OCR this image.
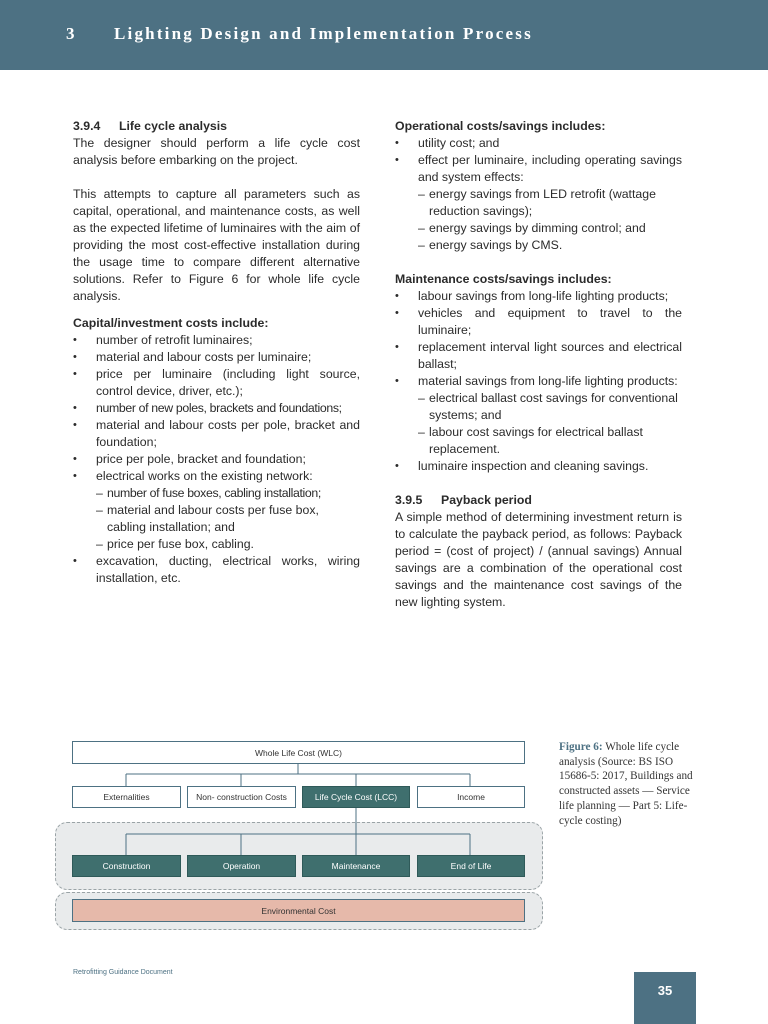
3 Lighting Design and Implementation Process
3.9.4 Life cycle analysis

The designer should perform a life cycle cost analysis before embarking on the project.

This attempts to capture all parameters such as capital, operational, and maintenance costs, as well as the expected lifetime of luminaires with the aim of providing the most cost-effective installation during the usage time to compare different alternative solutions. Refer to Figure 6 for whole life cycle analysis.

Capital/investment costs include:
• number of retrofit luminaires;
• material and labour costs per luminaire;
• price per luminaire (including light source, control device, driver, etc.);
• number of new poles, brackets and foundations;
• material and labour costs per pole, bracket and foundation;
• price per pole, bracket and foundation;
• electrical works on the existing network:
– number of fuse boxes, cabling installation;
– material and labour costs per fuse box, cabling installation; and
– price per fuse box, cabling.
• excavation, ducting, electrical works, wiring installation, etc.
Operational costs/savings includes:
• utility cost; and
• effect per luminaire, including operating savings and system effects:
– energy savings from LED retrofit (wattage reduction savings);
– energy savings by dimming control; and
– energy savings by CMS.
Maintenance costs/savings includes:
• labour savings from long-life lighting products;
• vehicles and equipment to travel to the luminaire;
• replacement interval light sources and electrical ballast;
• material savings from long-life lighting products:
– electrical ballast cost savings for conventional systems; and
– labour cost savings for electrical ballast replacement.
• luminaire inspection and cleaning savings.
3.9.5 Payback period

A simple method of determining investment return is to calculate the payback period, as follows: Payback period = (cost of project) / (annual savings) Annual savings are a combination of the operational cost savings and the maintenance cost savings of the new lighting system.

Whole Life Cost (WLC)
Externalities	Non- construction Costs	Life Cycle Cost (LCC)	Income
Construction	Operation	Maintenance	End of Life
Environmental Cost
Figure 6: Whole life cycle analysis (Source: BS ISO 15686-5: 2017, Buildings and constructed assets — Service life planning — Part 5: Life-cycle costing)
Retrofitting Guidance Document
35
